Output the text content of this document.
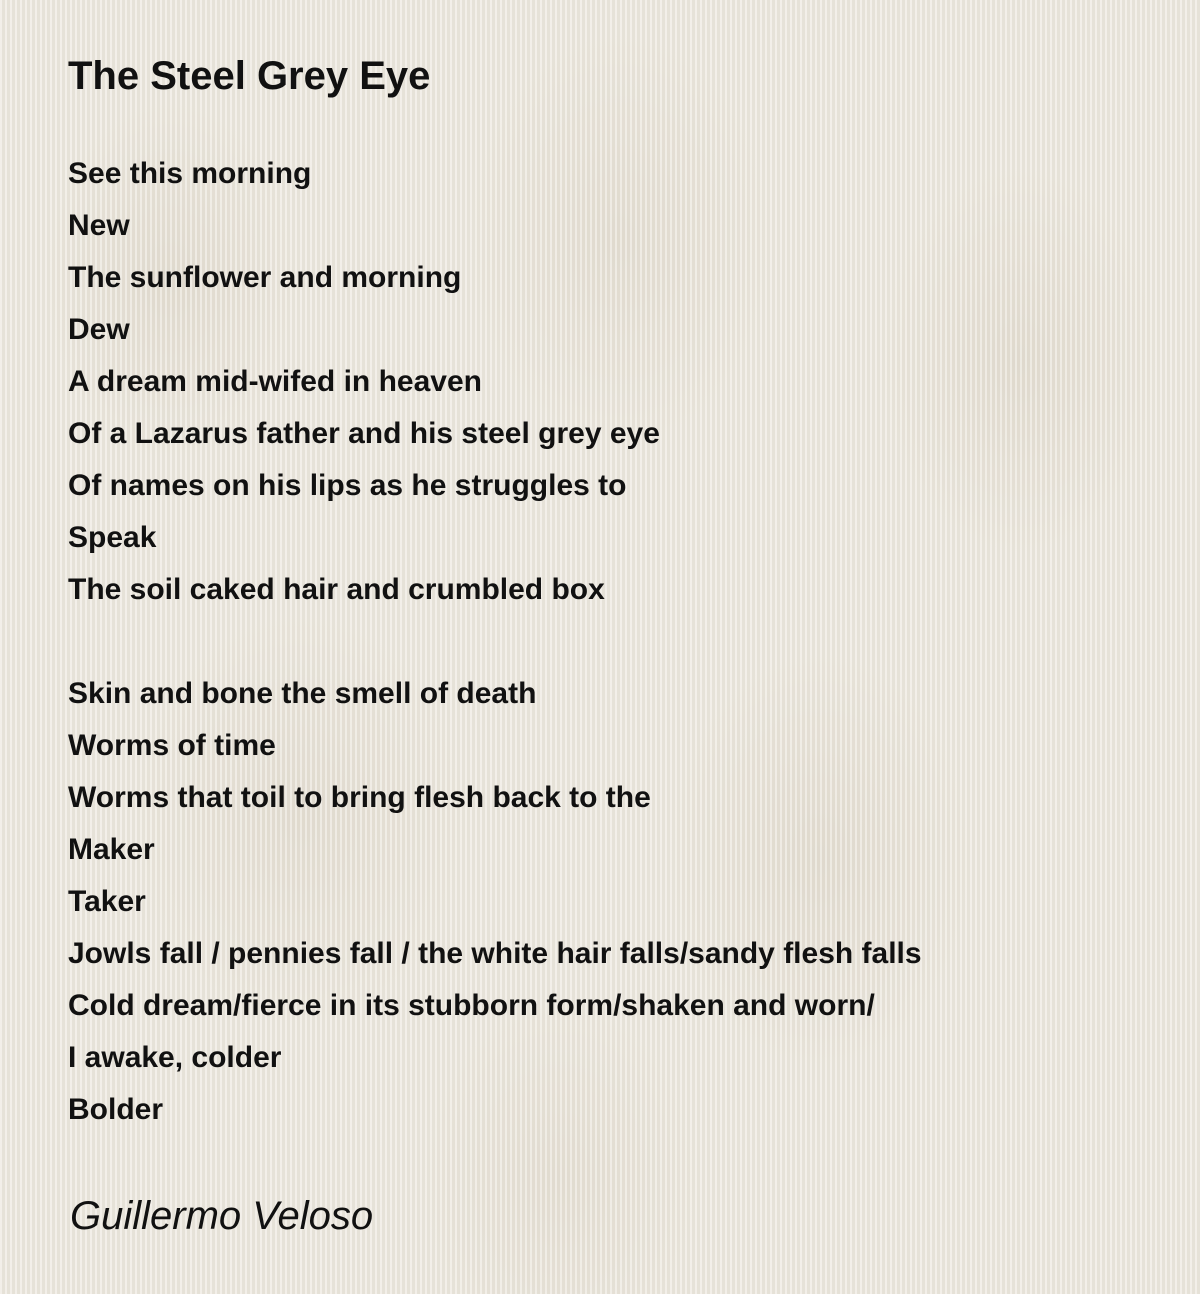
The Steel Grey Eye
See this morning
New
The sunflower and morning
Dew
A dream mid-wifed in heaven
Of a Lazarus father and his steel grey eye
Of names on his lips as he struggles to
Speak
The soil caked hair and crumbled box
Skin and bone the smell of death
Worms of time
Worms that toil to bring flesh back to the
Maker
Taker
Jowls fall / pennies fall / the white hair falls/sandy flesh falls
Cold dream/fierce in its stubborn form/shaken and worn/
I awake, colder
Bolder

Guillermo Veloso
